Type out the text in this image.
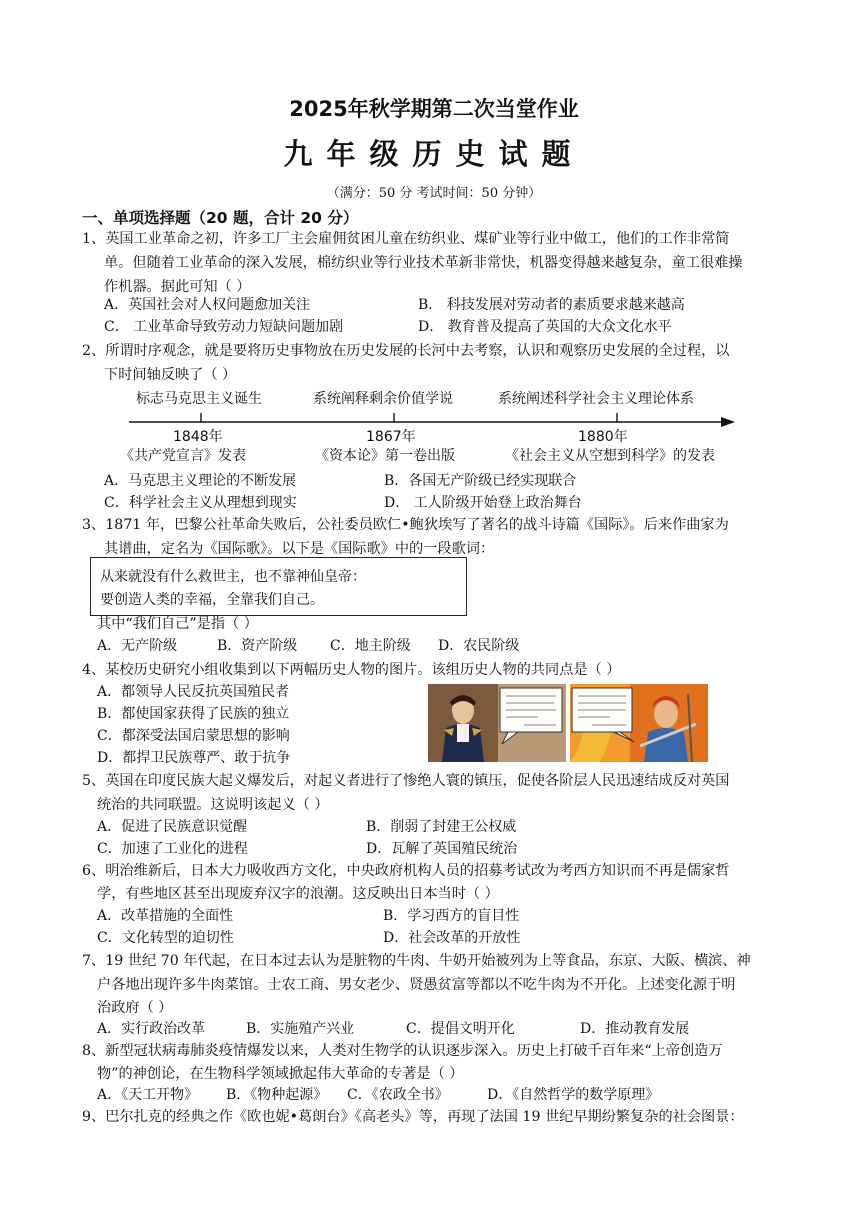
2025年秋学期第二次当堂作业
九年级历史试题
（满分：50 分 考试时间：50 分钟）
一、单项选择题（20 题，合计 20 分）
1、英国工业革命之初，许多工厂主会雇佣贫困儿童在纺织业、煤矿业等行业中做工，他们的工作非常简
单。但随着工业革命的深入发展，棉纺织业等行业技术革新非常快，机器变得越来越复杂，童工很难操
作机器。据此可知（ ）
A．英国社会对人权问题愈加关注	B． 科技发展对劳动者的素质要求越来越高
C． 工业革命导致劳动力短缺问题加剧	D． 教育普及提高了英国的大众文化水平
2、所谓时序观念，就是要将历史事物放在历史发展的长河中去考察，认识和观察历史发展的全过程，以
下时间轴反映了（ ）
标志马克思主义诞生	系统阐释剩余价值学说	系统阐述科学社会主义理论体系
1848年	1867年	1880年
《共产党宣言》发表	《资本论》第一卷出版	《社会主义从空想到科学》的发表
A．马克思主义理论的不断发展	B．各国无产阶级已经实现联合
C．科学社会主义从理想到现实	D． 工人阶级开始登上政治舞台
3、1871 年，巴黎公社革命失败后，公社委员欧仁•鲍狄埃写了著名的战斗诗篇《国际》。后来作曲家为
其谱曲，定名为《国际歌》。以下是《国际歌》中的一段歌词：
从来就没有什么救世主，也不靠神仙皇帝：
要创造人类的幸福，全靠我们自己。
其中“我们自己”是指（ ）
A．无产阶级	B．资产阶级 C．地主阶级 D．农民阶级
4、某校历史研究小组收集到以下两幅历史人物的图片。该组历史人物的共同点是（ ）
A．都领导人民反抗英国殖民者
B．都使国家获得了民族的独立
C．都深受法国启蒙思想的影响
D．都捍卫民族尊严、敢于抗争
5、英国在印度民族大起义爆发后，对起义者进行了惨绝人寰的镇压，促使各阶层人民迅速结成反对英国
统治的共同联盟。这说明该起义（ ）
A．促进了民族意识觉醒	B．削弱了封建王公权威
C．加速了工业化的进程	D．瓦解了英国殖民统治
6、明治维新后，日本大力吸收西方文化，中央政府机构人员的招募考试改为考西方知识而不再是儒家哲
学，有些地区甚至出现废弃汉字的浪潮。这反映出日本当时（ ）
A．改革措施的全面性	B．学习西方的盲目性
C．文化转型的迫切性	D．社会改革的开放性
7、19 世纪 70 年代起，在日本过去认为是脏物的牛肉、牛奶开始被列为上等食品，东京、大阪、横滨、神
户各地出现许多牛肉菜馆。士农工商、男女老少、贤愚贫富等都以不吃牛肉为不开化。上述变化源于明
治政府（ ）
A．实行政治改革	B．实施殖产兴业	C．提倡文明开化	D．推动教育发展
8、新型冠状病毒肺炎疫情爆发以来，人类对生物学的认识逐步深入。历史上打破千百年来“上帝创造万
物”的神创论，在生物科学领域掀起伟大革命的专著是（ ）
A．《天工开物》 B．《物种起源》 C．《农政全书》	D．《自然哲学的数学原理》
9、巴尔扎克的经典之作《欧也妮•葛朗台》《高老头》等，再现了法国 19 世纪早期纷繁复杂的社会图景：
